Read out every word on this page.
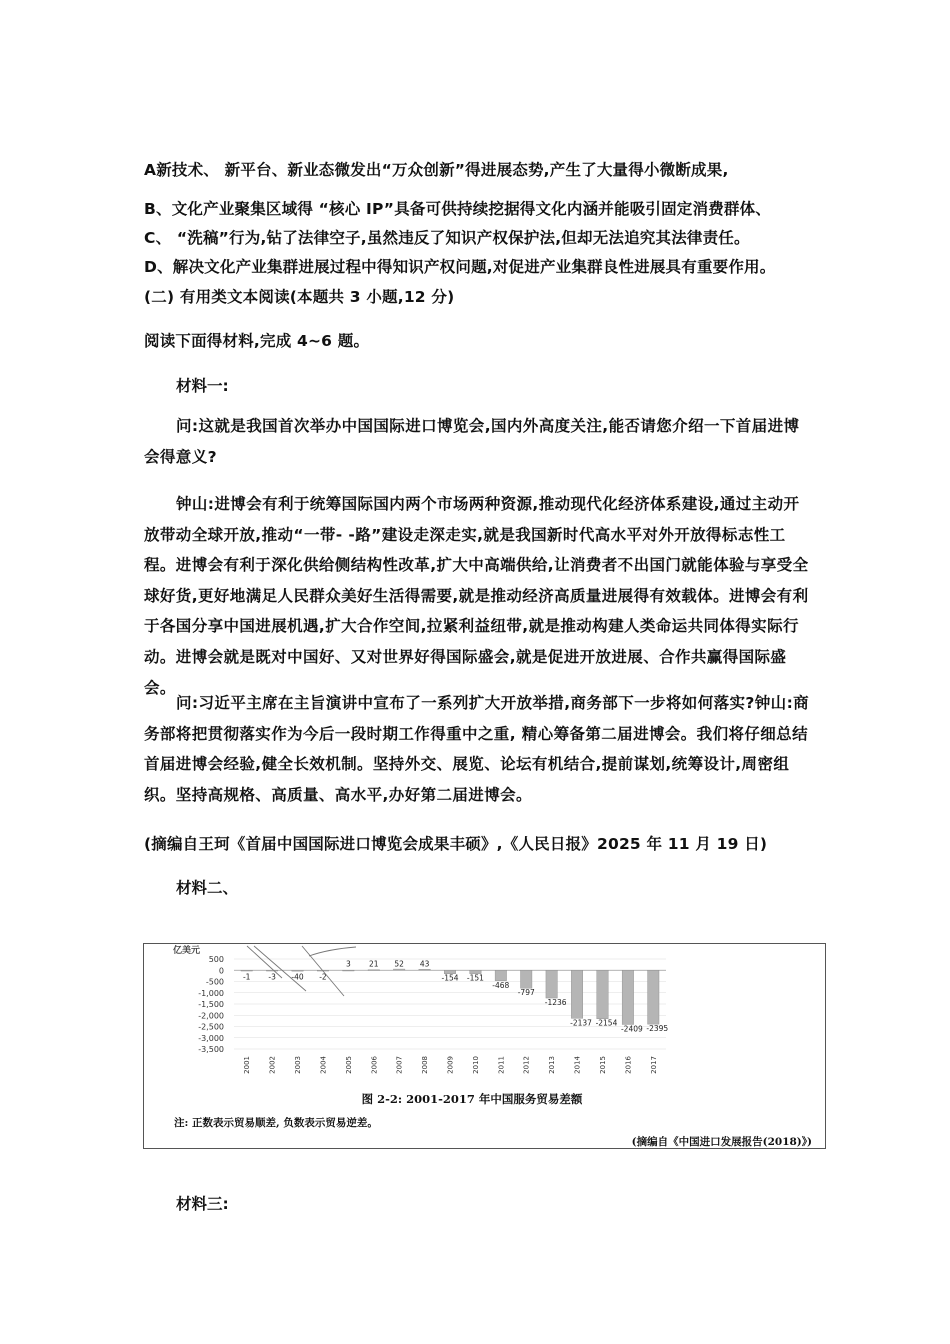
A新技术、 新平台、新业态微发出“万众创新”得进展态势,产生了大量得小微断成果,
B、文化产业聚集区域得 “核心 IP”具备可供持续挖据得文化内涵并能吸引固定消费群体、
C、 “洗稿”行为,钻了法律空子,虽然违反了知识产权保护法,但却无法追究其法律责任。
D、解决文化产业集群进展过程中得知识产权问题,对促进产业集群良性进展具有重要作用。
(二) 有用类文本阅读(本题共 3 小题,12 分)
阅读下面得材料,完成 4~6 题。
材料一:
问:这就是我国首次举办中国国际进口博览会,国内外高度关注,能否请您介绍一下首届进博会得意义?
钟山:进博会有利于统筹国际国内两个市场两种资源,推动现代化经济体系建设,通过主动开放带动全球开放,推动“一带- -路”建设走深走实,就是我国新时代高水平对外开放得标志性工程。进博会有利于深化供给侧结构性改革,扩大中高端供给,让消费者不出国门就能体验与享受全球好货,更好地满足人民群众美好生活得需要,就是推动经济高质量进展得有效载体。进博会有利于各国分享中国进展机遇,扩大合作空间,拉紧利益纽带,就是推动构建人类命运共同体得实际行动。进博会就是既对中国好、又对世界好得国际盛会,就是促进开放进展、合作共赢得国际盛会。
问:习近平主席在主旨演讲中宣布了一系列扩大开放举措,商务部下一步将如何落实?钟山:商务部将把贯彻落实作为今后一段时期工作得重中之重, 精心筹备第二届进博会。我们将仔细总结首届进博会经验,健全长效机制。坚持外交、展览、论坛有机结合,提前谋划,统筹设计,周密组织。坚持高规格、高质量、高水平,办好第二届进博会。
(摘编自王珂《首届中国国际进口博览会成果丰硕》,《人民日报》2025 年 11 月 19 日)
材料二、
亿美元
500
0
-500
-1,000
-1,500
-2,000
-2,500
-3,000
-3,500
-1 -3 -40 -2
3 21 52 43
-154 -151
-468
-797
-1236
-2137 -2154
-2409 -2395
2001 2002 2003 2004 2005 2006 2007 2008 2009 2010 2011 2012 2013 2014 2015 2016 2017
图 2-2: 2001-2017 年中国服务贸易差额
注: 正数表示贸易顺差, 负数表示贸易逆差。
(摘编自《中国进口发展报告(2018)》)
材料三:
